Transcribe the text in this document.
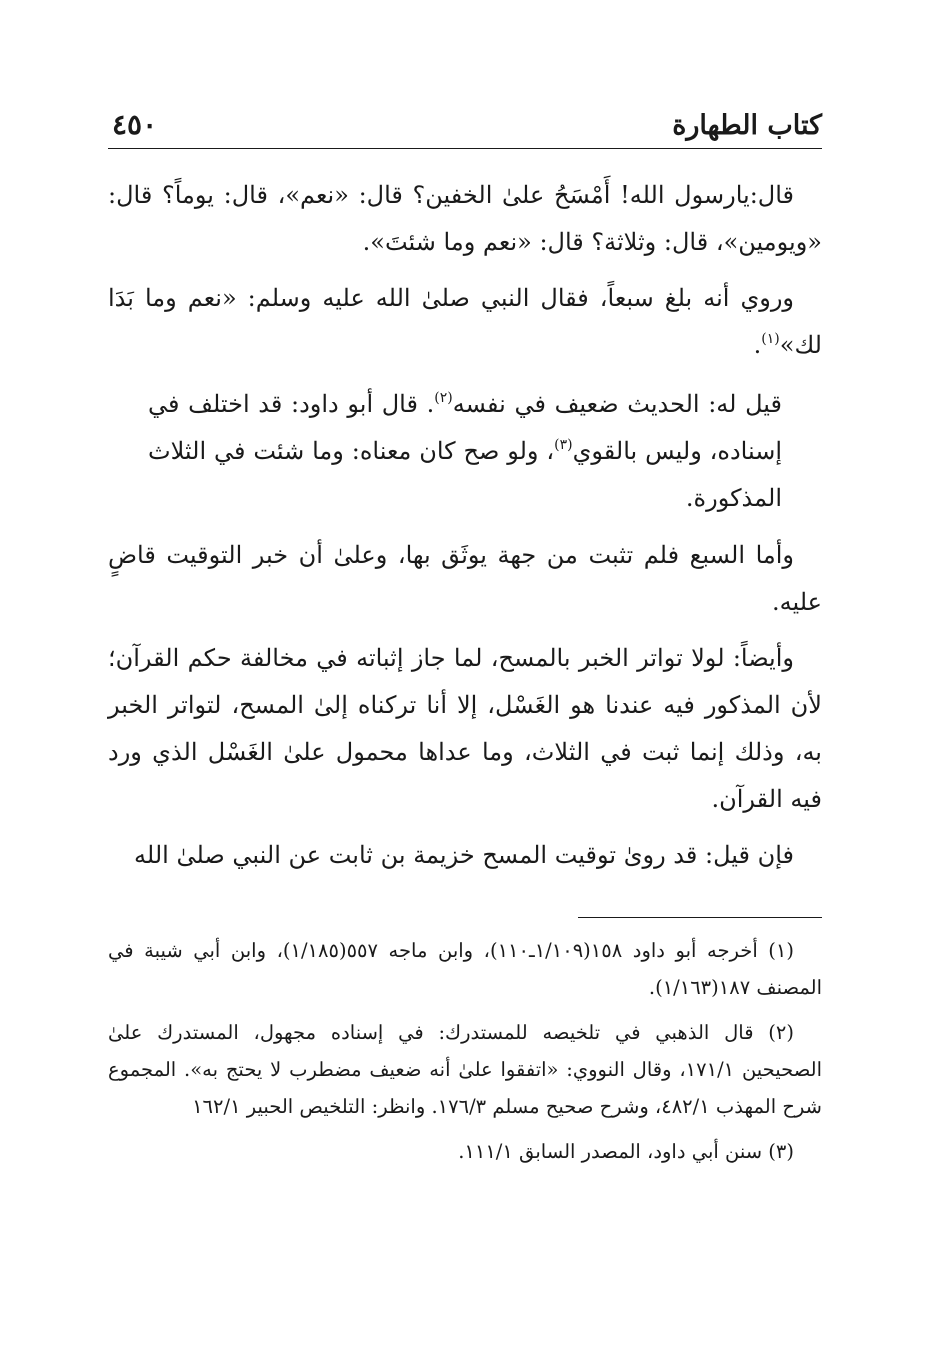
كتاب الطهارة
٤٥٠

قال:يارسول الله! أَمْسَحُ علىٰ الخفين؟ قال: «نعم»، قال: يوماً؟ قال: «ويومين»، قال: وثلاثة؟ قال: «نعم وما شئتَ».

وروي أنه بلغ سبعاً، فقال النبي صلىٰ الله عليه وسلم: «نعم وما بَدَا لك»$^{(١)}$.

قيل له: الحديث ضعيف في نفسه$^{(٢)}$. قال أبو داود: قد اختلف في إسناده، وليس بالقوي$^{(٣)}$، ولو صح كان معناه: وما شئت في الثلاث المذكورة.

وأما السبع فلم تثبت من جهة يوثَق بها، وعلىٰ أن خبر التوقيت قاضٍ عليه.

وأيضاً: لولا تواتر الخبر بالمسح، لما جاز إثباته في مخالفة حكم القرآن؛ لأن المذكور فيه عندنا هو الغَسْل، إلا أنا تركناه إلىٰ المسح، لتواتر الخبر به، وذلك إنما ثبت في الثلاث، وما عداها محمول علىٰ الغَسْل الذي ورد فيه القرآن.

فإن قيل: قد روىٰ توقيت المسح خزيمة بن ثابت عن النبي صلىٰ الله

(١) أخرجه أبو داود ١٥٨(١/١٠٩ـ١١٠)، وابن ماجه ٥٥٧(١/١٨٥)، وابن أبي شيبة في المصنف ١٨٧(١/١٦٣).

(٢) قال الذهبي في تلخيصه للمستدرك: في إسناده مجهول، المستدرك علىٰ الصحيحين ١٧١/١، وقال النووي: «اتفقوا علىٰ أنه ضعيف مضطرب لا يحتج به». المجموع شرح المهذب ٤٨٢/١، وشرح صحيح مسلم ١٧٦/٣. وانظر: التلخيص الحبير ١٦٢/١

(٣) سنن أبي داود، المصدر السابق ١١١/١.
